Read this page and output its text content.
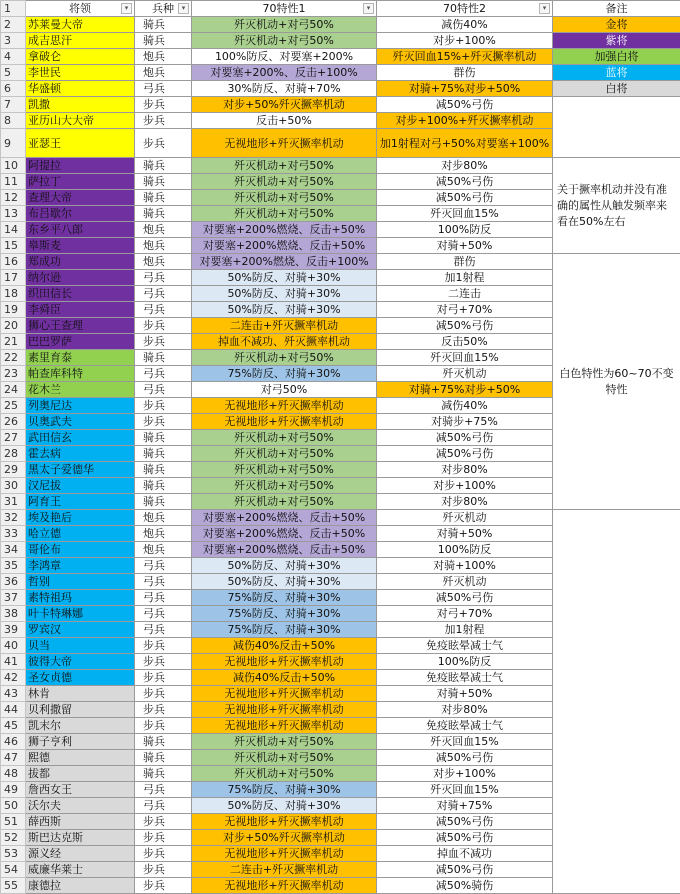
1	将领 ▾	兵种 ▾	70特性1 ▾	70特性2 ▾	备注
2	苏莱曼大帝	骑兵	歼灭机动+对弓50%	减伤40%	金将
3	成吉思汗	骑兵	歼灭机动+对弓50%	对步+100%	紫将
4	拿破仑	炮兵	100%防反、对要塞+200%	歼灭回血15%+歼灭撅率机动	加强白将
5	李世民	炮兵	对要塞+200%、反击+100%	群伤	蓝将
6	华盛顿	弓兵	30%防反、对骑+70%	对骑+75%对步+50%	白将
7	凯撒	步兵	对步+50%歼灭撅率机动	减50%弓伤	
8	亚历山大大帝	步兵	反击+50%	对步+100%+歼灭撅率机动	
9	亚瑟王	步兵	无视地形+歼灭撅率机动	加1射程对弓+50%对要塞+100%	
10	阿提拉	骑兵	歼灭机动+对弓50%	对步80%	关于撅率机动并没有准确的属性从触发频率来看在50%左右

11	萨拉丁	骑兵	歼灭机动+对弓50%	减50%弓伤	
12	查理大帝	骑兵	歼灭机动+对弓50%	减50%弓伤	
13	布吕歇尔	骑兵	歼灭机动+对弓50%	歼灭回血15%	
14	东乡平八郎	炮兵	对要塞+200%燃烧、反击+50%	100%防反	
15	皋斯麦	炮兵	对要塞+200%燃烧、反击+50%	对骑+50%	
16	郑成功	炮兵	对要塞+200%燃烧、反击+100%	群伤	白色特性为60~70不变特性

17	纳尔逊	弓兵	50%防反、对骑+30%	加1射程	
18	织田信长	弓兵	50%防反、对骑+30%	二连击	
19	李舜臣	弓兵	50%防反、对骑+30%	对弓+70%	
20	狮心王查理	步兵	二连击+歼灭撅率机动	减50%弓伤	
21	巴巴罗萨	步兵	掉血不减功、歼灭撅率机动	反击50%	
22	素里育泰	骑兵	歼灭机动+对弓50%	歼灭回血15%	
23	帕查库科特	弓兵	75%防反、对骑+30%	歼灭机动	
24	花木兰	弓兵	对弓50%	对骑+75%对步+50%	
25	列奥尼达	步兵	无视地形+歼灭撅率机动	减伤40%	
26	贝奥武夫	步兵	无视地形+歼灭撅率机动	对骑步+75%	
27	武田信玄	骑兵	歼灭机动+对弓50%	减50%弓伤	
28	霍去病	骑兵	歼灭机动+对弓50%	减50%弓伤	
29	黑太子爱德华	骑兵	歼灭机动+对弓50%	对步80%	
30	汉尼拔	骑兵	歼灭机动+对弓50%	对步+100%	
31	阿育王	骑兵	歼灭机动+对弓50%	对步80%	
32	埃及艳后	炮兵	对要塞+200%燃烧、反击+50%	歼灭机动	
33	哈立德	炮兵	对要塞+200%燃烧、反击+50%	对骑+50%	
34	哥伦布	炮兵	对要塞+200%燃烧、反击+50%	100%防反	
35	李鸿章	弓兵	50%防反、对骑+30%	对骑+100%	
36	哲别	弓兵	50%防反、对骑+30%	歼灭机动	
37	素特祖玛	弓兵	75%防反、对骑+30%	减50%弓伤	
38	叶卡特琳娜	弓兵	75%防反、对骑+30%	对弓+70%	
39	罗宾汉	弓兵	75%防反、对骑+30%	加1射程	
40	贝当	步兵	减伤40%反击+50%	免疫眩晕减士气	
41	彼得大帝	步兵	无视地形+歼灭撅率机动	100%防反	
42	圣女贞德	步兵	减伤40%反击+50%	免疫眩晕减士气	
43	林肯	步兵	无视地形+歼灭撅率机动	对骑+50%	
44	贝利撒留	步兵	无视地形+歼灭撅率机动	对步80%	
45	凯末尔	步兵	无视地形+歼灭撅率机动	免疫眩晕减士气	
46	狮子亨利	骑兵	歼灭机动+对弓50%	歼灭回血15%	
47	熙德	骑兵	歼灭机动+对弓50%	减50%弓伤	
48	拔都	骑兵	歼灭机动+对弓50%	对步+100%	
49	詹西女王	弓兵	75%防反、对骑+30%	歼灭回血15%	
50	沃尔夫	弓兵	50%防反、对骑+30%	对骑+75%	
51	薛西斯	步兵	无视地形+歼灭撅率机动	减50%弓伤	
52	斯巴达克斯	步兵	对步+50%歼灭撅率机动	减50%弓伤	
53	源义经	步兵	无视地形+歼灭撅率机动	掉血不减功	
54	威廉华莱士	步兵	二连击+歼灭撅率机动	减50%弓伤	
55	康德拉	步兵	无视地形+歼灭撅率机动	减50%骑伤	
